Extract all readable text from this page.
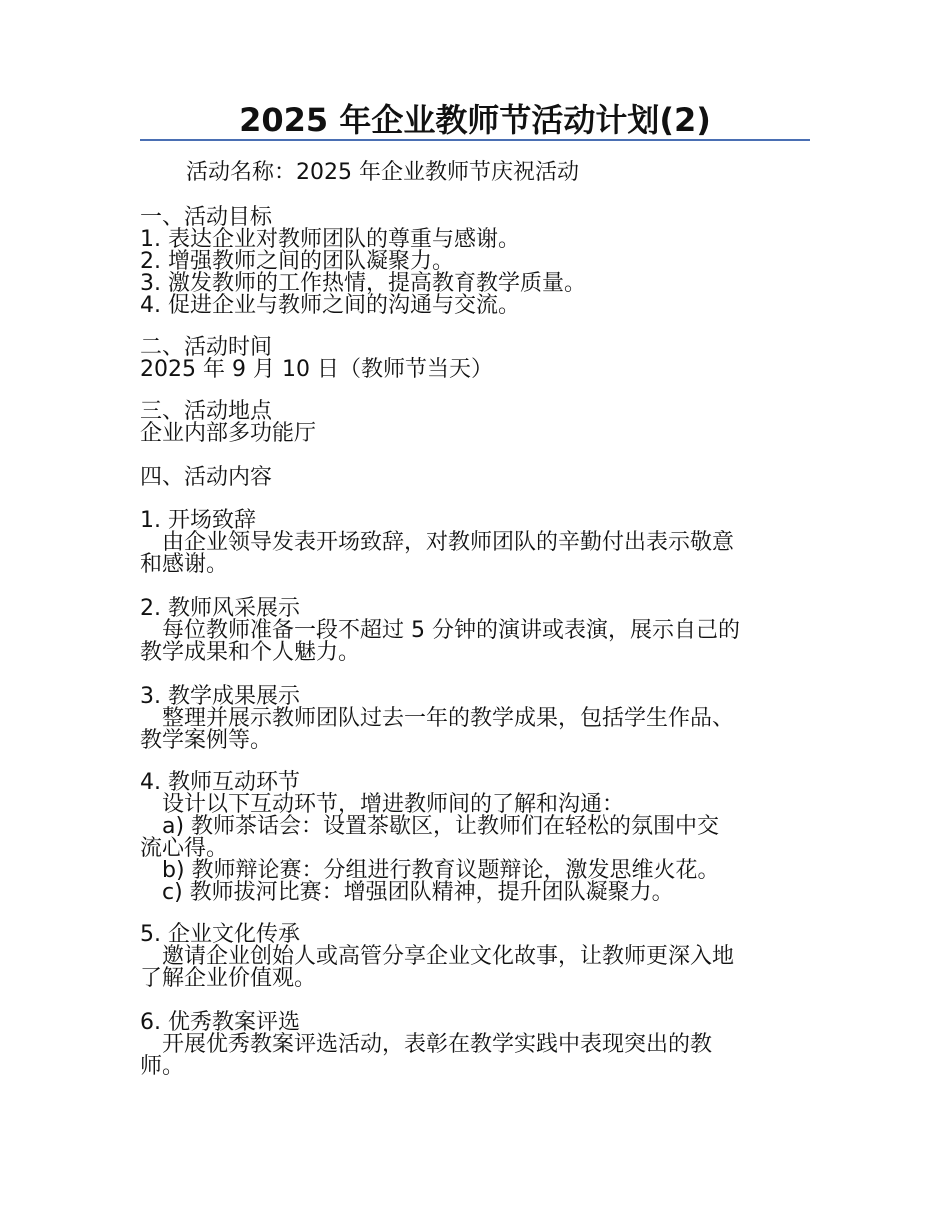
2025 年企业教师节活动计划(2)
活动名称：2025 年企业教师节庆祝活动
一、活动目标
1. 表达企业对教师团队的尊重与感谢。
2. 增强教师之间的团队凝聚力。
3. 激发教师的工作热情，提高教育教学质量。
4. 促进企业与教师之间的沟通与交流。
二、活动时间
2025 年 9 月 10 日（教师节当天）
三、活动地点
企业内部多功能厅
四、活动内容
1. 开场致辞
由企业领导发表开场致辞，对教师团队的辛勤付出表示敬意
和感谢。
2. 教师风采展示
每位教师准备一段不超过 5 分钟的演讲或表演，展示自己的
教学成果和个人魅力。
3. 教学成果展示
整理并展示教师团队过去一年的教学成果，包括学生作品、
教学案例等。
4. 教师互动环节
设计以下互动环节，增进教师间的了解和沟通：
a) 教师茶话会：设置茶歇区，让教师们在轻松的氛围中交
流心得。
b) 教师辩论赛：分组进行教育议题辩论，激发思维火花。
c) 教师拔河比赛：增强团队精神，提升团队凝聚力。
5. 企业文化传承
邀请企业创始人或高管分享企业文化故事，让教师更深入地
了解企业价值观。
6. 优秀教案评选
开展优秀教案评选活动，表彰在教学实践中表现突出的教
师。
